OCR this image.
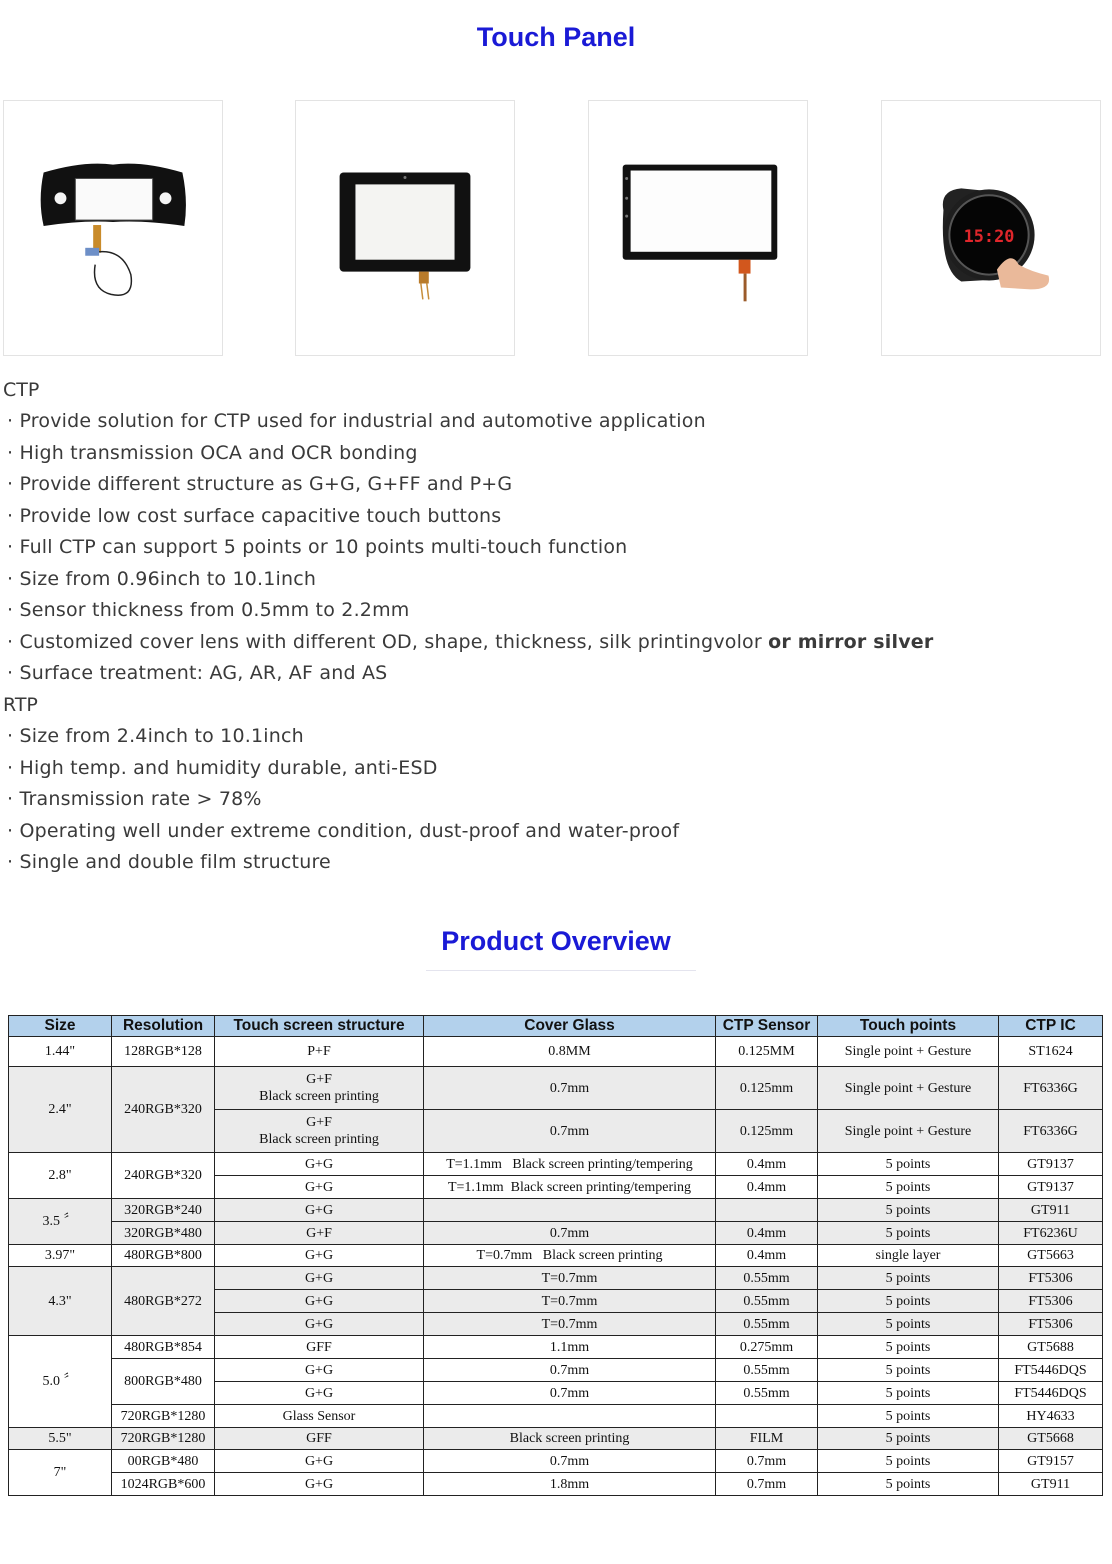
Touch Panel
15:20
CTP
· Provide solution for CTP used for industrial and automotive application
· High transmission OCA and OCR bonding
· Provide different structure as G+G, G+FF and P+G
· Provide low cost surface capacitive touch buttons
· Full CTP can support 5 points or 10 points multi-touch function
· Size from 0.96inch to 10.1inch
· Sensor thickness from 0.5mm to 2.2mm
· Customized cover lens with different OD, shape, thickness, silk printingvolor or mirror silver
· Surface treatment: AG, AR, AF and AS
RTP
· Size from 2.4inch to 10.1inch
· High temp. and humidity durable, anti-ESD
· Transmission rate > 78%
· Operating well under extreme condition, dust-proof and water-proof
· Single and double film structure
Product Overview
Size	Resolution	Touch screen structure	Cover Glass	CTP Sensor	Touch points	CTP IC
1.44"	128RGB*128	P+F	0.8MM	0.125MM	Single point + Gesture	ST1624
2.4"	240RGB*320	G+F
Black screen printing	0.7mm	0.125mm	Single point + Gesture	FT6336G
		G+F
Black screen printing	0.7mm	0.125mm	Single point + Gesture	FT6336G
2.8"	240RGB*320	G+G	T=1.1mm   Black screen printing/tempering	0.4mm	5 points	GT9137
		G+G	T=1.1mm  Black screen printing/tempering	0.4mm	5 points	GT9137
3.5 〞	320RGB*240	G+G			5 points	GT911
	320RGB*480	G+F	0.7mm	0.4mm	5 points	FT6236U
3.97"	480RGB*800	G+G	T=0.7mm   Black screen printing	0.4mm	single layer	GT5663
4.3"	480RGB*272	G+G	T=0.7mm	0.55mm	5 points	FT5306
		G+G	T=0.7mm	0.55mm	5 points	FT5306
		G+G	T=0.7mm	0.55mm	5 points	FT5306
5.0 〞	480RGB*854	GFF	1.1mm	0.275mm	5 points	GT5688
	800RGB*480	G+G	0.7mm	0.55mm	5 points	FT5446DQS
		G+G	0.7mm	0.55mm	5 points	FT5446DQS
	720RGB*1280	Glass Sensor			5 points	HY4633
5.5"	720RGB*1280	GFF	Black screen printing	FILM	5 points	GT5668
7"	00RGB*480	G+G	0.7mm	0.7mm	5 points	GT9157
	1024RGB*600	G+G	1.8mm	0.7mm	5 points	GT911
